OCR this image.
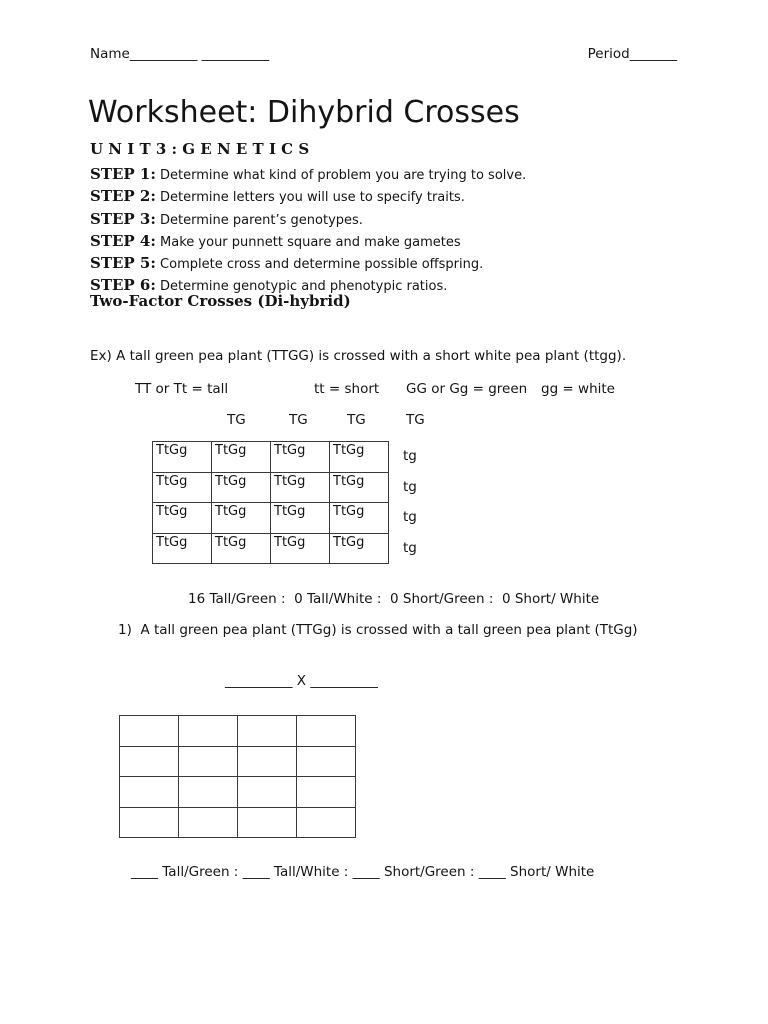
Name__________ __________	Period_______
Worksheet: Dihybrid Crosses
U N I T 3 : G E N E T I C S
STEP 1: Determine what kind of problem you are trying to solve.
STEP 2: Determine letters you will use to specify traits.
STEP 3: Determine parent’s genotypes.
STEP 4: Make your punnett square and make gametes
STEP 5: Complete cross and determine possible offspring.
STEP 6: Determine genotypic and phenotypic ratios.
Two-Factor Crosses (Di-hybrid)
Ex) A tall green pea plant (TTGG) is crossed with a short white pea plant (ttgg).
TT or Tt = tall	tt = short GG or Gg = green gg = white
TG	TG	TG	TG
TtGg	TtGg	TtGg	TtGg
TtGg	TtGg	TtGg	TtGg
TtGg	TtGg	TtGg	TtGg
TtGg	TtGg	TtGg	TtGg
tg
tg
tg
tg
16 Tall/Green :  0 Tall/White :  0 Short/Green :  0 Short/ White
1)  A tall green pea plant (TTGg) is crossed with a tall green pea plant (TtGg)
__________ X __________

____ Tall/Green : ____ Tall/White : ____ Short/Green : ____ Short/ White
